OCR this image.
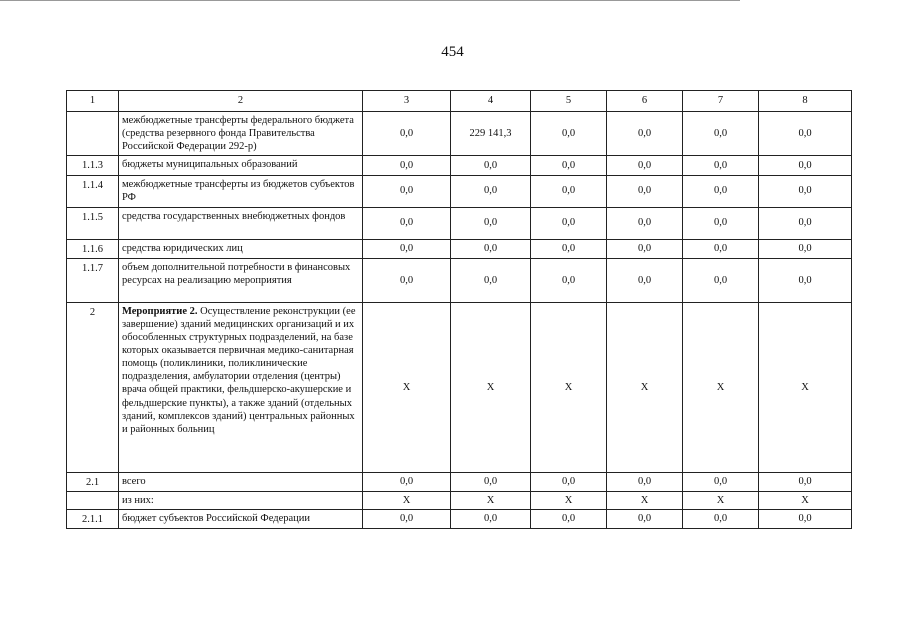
454
1	2	3	4	5	6	7	8
	межбюджетные трансферты федерального бюджета (средства резервного фонда Правительства Российской Федерации 292-р)	0,0	229 141,3	0,0	0,0	0,0	0,0
1.1.3	бюджеты муниципальных образований	0,0	0,0	0,0	0,0	0,0	0,0
1.1.4	межбюджетные трансферты из бюджетов субъектов РФ	0,0	0,0	0,0	0,0	0,0	0,0
1.1.5	средства государственных внебюджетных фондов	0,0	0,0	0,0	0,0	0,0	0,0
1.1.6	средства юридических лиц	0,0	0,0	0,0	0,0	0,0	0,0
1.1.7	объем дополнительной потребности в финансовых ресурсах на реализацию мероприятия	0,0	0,0	0,0	0,0	0,0	0,0
2	Мероприятие 2. Осуществление реконструкции (ее завершение) зданий медицинских организаций и их обособленных структурных подразделений, на базе которых оказывается первичная медико-санитарная помощь (поликлиники, поликлинические подразделения, амбулатории отделения (центры) врача общей практики, фельдшерско-акушерские и фельдшерские пункты), а также зданий (отдельных зданий, комплексов зданий) центральных районных и районных больниц	X	X	X	X	X	X
2.1	всего	0,0	0,0	0,0	0,0	0,0	0,0
	из них:	X	X	X	X	X	X
2.1.1	бюджет субъектов Российской Федерации	0,0	0,0	0,0	0,0	0,0	0,0
